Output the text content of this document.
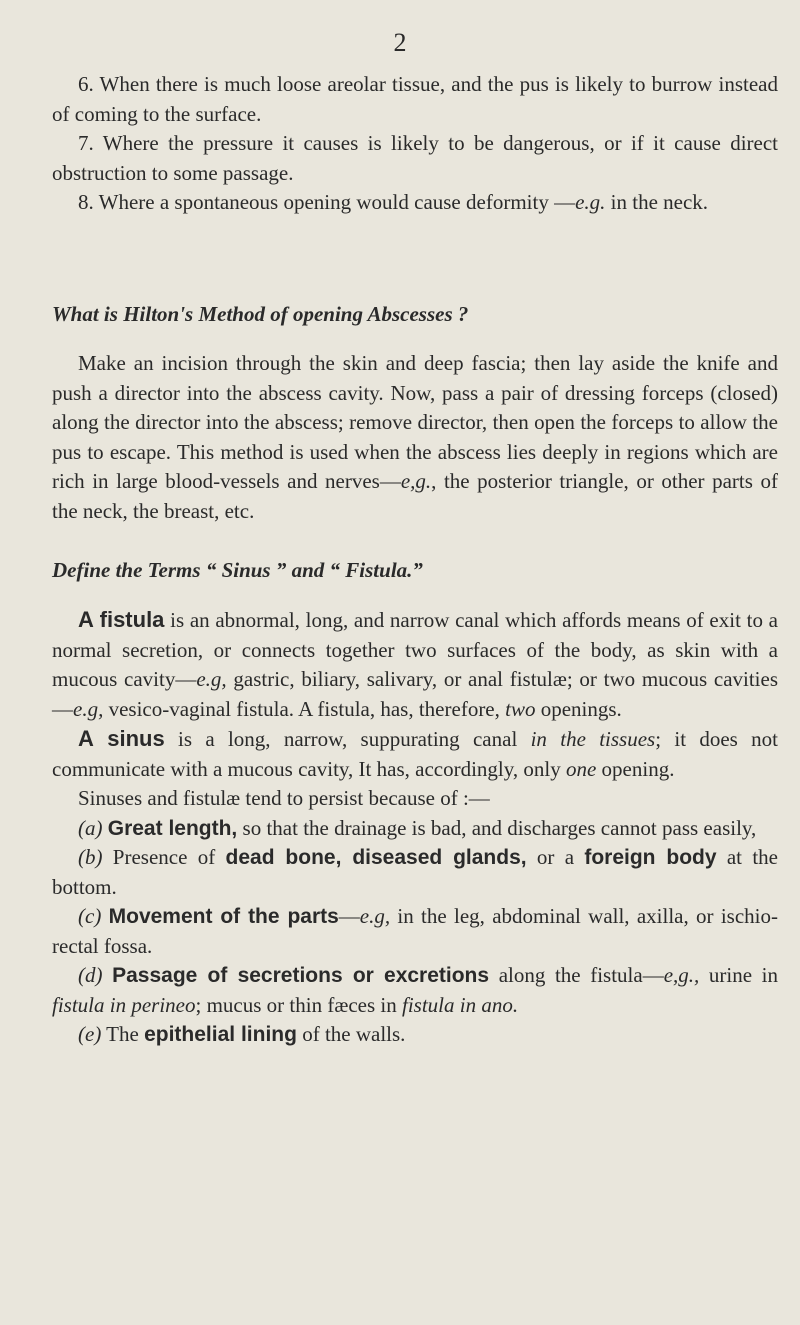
2

6. When there is much loose areolar tissue, and the pus is likely to burrow instead of coming to the surface.

7. Where the pressure it causes is likely to be dangerous, or if it cause direct obstruction to some passage.

8. Where a spontaneous opening would cause deformity —e.g. in the neck.

What is Hilton's Method of opening Abscesses ?

Make an incision through the skin and deep fascia; then lay aside the knife and push a director into the abscess cavity. Now, pass a pair of dressing forceps (closed) along the director into the abscess; remove director, then open the forceps to allow the pus to escape. This method is used when the abscess lies deeply in regions which are rich in large blood-vessels and nerves—e,g., the posterior triangle, or other parts of the neck, the breast, etc.

Define the Terms “ Sinus ” and “ Fistula.”

A fistula is an abnormal, long, and narrow canal which affords means of exit to a normal secretion, or connects together two surfaces of the body, as skin with a mucous cavity—e.g, gastric, biliary, salivary, or anal fistulæ; or two mucous cavities—e.g, vesico-vaginal fistula. A fistula, has, therefore, two openings.

A sinus is a long, narrow, suppurating canal in the tissues; it does not communicate with a mucous cavity, It has, accordingly, only one opening.

Sinuses and fistulæ tend to persist because of :—

(a) Great length, so that the drainage is bad, and discharges cannot pass easily,

(b) Presence of dead bone, diseased glands, or a foreign body at the bottom.

(c) Movement of the parts—e.g, in the leg, abdominal wall, axilla, or ischio-rectal fossa.

(d) Passage of secretions or excretions along the fistula—e,g., urine in fistula in perineo; mucus or thin fæces in fistula in ano.

(e) The epithelial lining of the walls.
